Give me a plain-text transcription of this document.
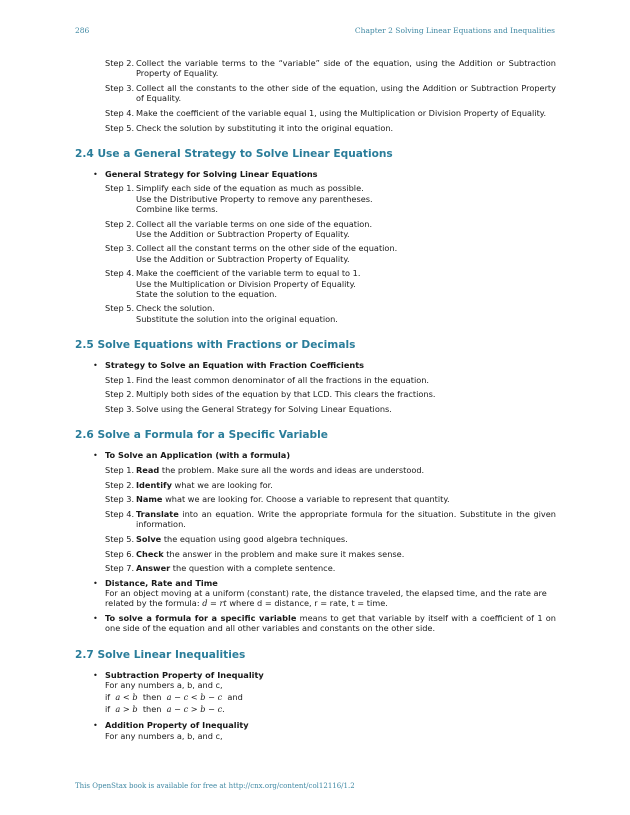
286	Chapter 2 Solving Linear Equations and Inequalities
Step 2. Collect the variable terms to the “variable” side of the equation, using the Addition or Subtraction Property of Equality.
Step 3. Collect all the constants to the other side of the equation, using the Addition or Subtraction Property of Equality.
Step 4. Make the coefficient of the variable equal 1, using the Multiplication or Division Property of Equality.
Step 5. Check the solution by substituting it into the original equation.
2.4 Use a General Strategy to Solve Linear Equations
• General Strategy for Solving Linear Equations
Step 1. Simplify each side of the equation as much as possible.
Use the Distributive Property to remove any parentheses.
Combine like terms.
Step 2. Collect all the variable terms on one side of the equation.
Use the Addition or Subtraction Property of Equality.
Step 3. Collect all the constant terms on the other side of the equation.
Use the Addition or Subtraction Property of Equality.
Step 4. Make the coefficient of the variable term to equal to 1.
Use the Multiplication or Division Property of Equality.
State the solution to the equation.
Step 5. Check the solution.
Substitute the solution into the original equation.
2.5 Solve Equations with Fractions or Decimals
• Strategy to Solve an Equation with Fraction Coefficients
Step 1. Find the least common denominator of all the fractions in the equation.
Step 2. Multiply both sides of the equation by that LCD. This clears the fractions.
Step 3. Solve using the General Strategy for Solving Linear Equations.
2.6 Solve a Formula for a Specific Variable
• To Solve an Application (with a formula)
Step 1. Read the problem. Make sure all the words and ideas are understood.
Step 2. Identify what we are looking for.
Step 3. Name what we are looking for. Choose a variable to represent that quantity.
Step 4. Translate into an equation. Write the appropriate formula for the situation. Substitute in the given information.
Step 5. Solve the equation using good algebra techniques.
Step 6. Check the answer in the problem and make sure it makes sense.
Step 7. Answer the question with a complete sentence.
• Distance, Rate and Time
For an object moving at a uniform (constant) rate, the distance traveled, the elapsed time, and the rate are related by the formula: d = rt where d = distance, r = rate, t = time.
• To solve a formula for a specific variable means to get that variable by itself with a coefficient of 1 on one side of the equation and all other variables and constants on the other side.
2.7 Solve Linear Inequalities
• Subtraction Property of Inequality
For any numbers a, b, and c,
if a < b then a − c < b − c and
if a > b then a − c > b − c.
• Addition Property of Inequality
For any numbers a, b, and c,
This OpenStax book is available for free at http://cnx.org/content/col12116/1.2
